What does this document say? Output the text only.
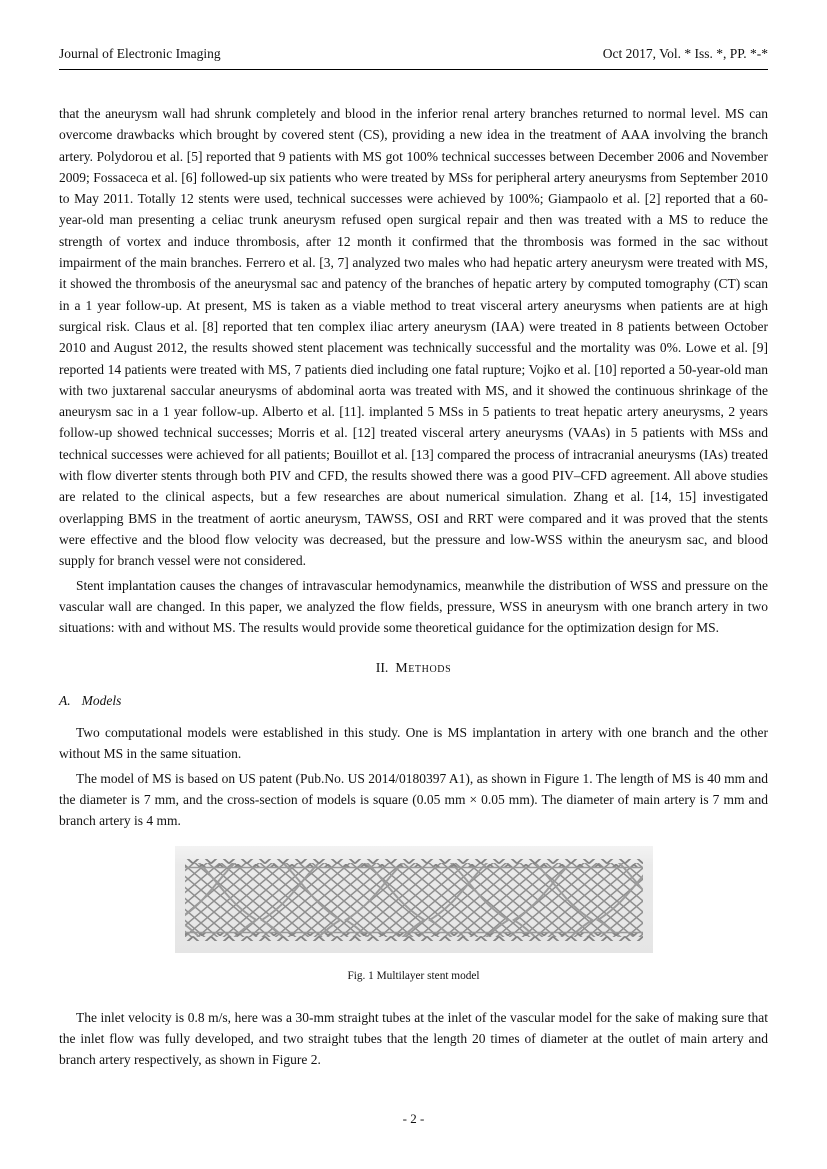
Journal of Electronic Imaging	Oct 2017, Vol. * Iss. *, PP. *-*

that the aneurysm wall had shrunk completely and blood in the inferior renal artery branches returned to normal level. MS can overcome drawbacks which brought by covered stent (CS), providing a new idea in the treatment of AAA involving the branch artery. Polydorou et al. [5] reported that 9 patients with MS got 100% technical successes between December 2006 and November 2009; Fossaceca et al. [6] followed-up six patients who were treated by MSs for peripheral artery aneurysms from September 2010 to May 2011. Totally 12 stents were used, technical successes were achieved by 100%; Giampaolo et al. [2] reported that a 60-year-old man presenting a celiac trunk aneurysm refused open surgical repair and then was treated with a MS to reduce the strength of vortex and induce thrombosis, after 12 month it confirmed that the thrombosis was formed in the sac without impairment of the main branches. Ferrero et al. [3, 7] analyzed two males who had hepatic artery aneurysm were treated with MS, it showed the thrombosis of the aneurysmal sac and patency of the branches of hepatic artery by computed tomography (CT) scan in a 1 year follow-up. At present, MS is taken as a viable method to treat visceral artery aneurysms when patients are at high surgical risk. Claus et al. [8] reported that ten complex iliac artery aneurysm (IAA) were treated in 8 patients between October 2010 and August 2012, the results showed stent placement was technically successful and the mortality was 0%. Lowe et al. [9] reported 14 patients were treated with MS, 7 patients died including one fatal rupture; Vojko et al. [10] reported a 50-year-old man with two juxtarenal saccular aneurysms of abdominal aorta was treated with MS, and it showed the continuous shrinkage of the aneurysm sac in a 1 year follow-up. Alberto et al. [11]. implanted 5 MSs in 5 patients to treat hepatic artery aneurysms, 2 years follow-up showed technical successes; Morris et al. [12] treated visceral artery aneurysms (VAAs) in 5 patients with MSs and technical successes were achieved for all patients; Bouillot et al. [13] compared the process of intracranial aneurysms (IAs) treated with flow diverter stents through both PIV and CFD, the results showed there was a good PIV–CFD agreement. All above studies are related to the clinical aspects, but a few researches are about numerical simulation. Zhang et al. [14, 15] investigated overlapping BMS in the treatment of aortic aneurysm, TAWSS, OSI and RRT were compared and it was proved that the stents were effective and the blood flow velocity was decreased, but the pressure and low-WSS within the aneurysm sac, and blood supply for branch vessel were not considered.

Stent implantation causes the changes of intravascular hemodynamics, meanwhile the distribution of WSS and pressure on the vascular wall are changed. In this paper, we analyzed the flow fields, pressure, WSS in aneurysm with one branch artery in two situations: with and without MS. The results would provide some theoretical guidance for the optimization design for MS.

II. Methods
A. Models

Two computational models were established in this study. One is MS implantation in artery with one branch and the other without MS in the same situation.

The model of MS is based on US patent (Pub.No. US 2014/0180397 A1), as shown in Figure 1. The length of MS is 40 mm and the diameter is 7 mm, and the cross-section of models is square (0.05 mm × 0.05 mm). The diameter of main artery is 7 mm and branch artery is 4 mm.

Fig. 1 Multilayer stent model

The inlet velocity is 0.8 m/s, here was a 30-mm straight tubes at the inlet of the vascular model for the sake of making sure that the inlet flow was fully developed, and two straight tubes that the length 20 times of diameter at the outlet of main artery and branch artery respectively, as shown in Figure 2.

- 2 -
